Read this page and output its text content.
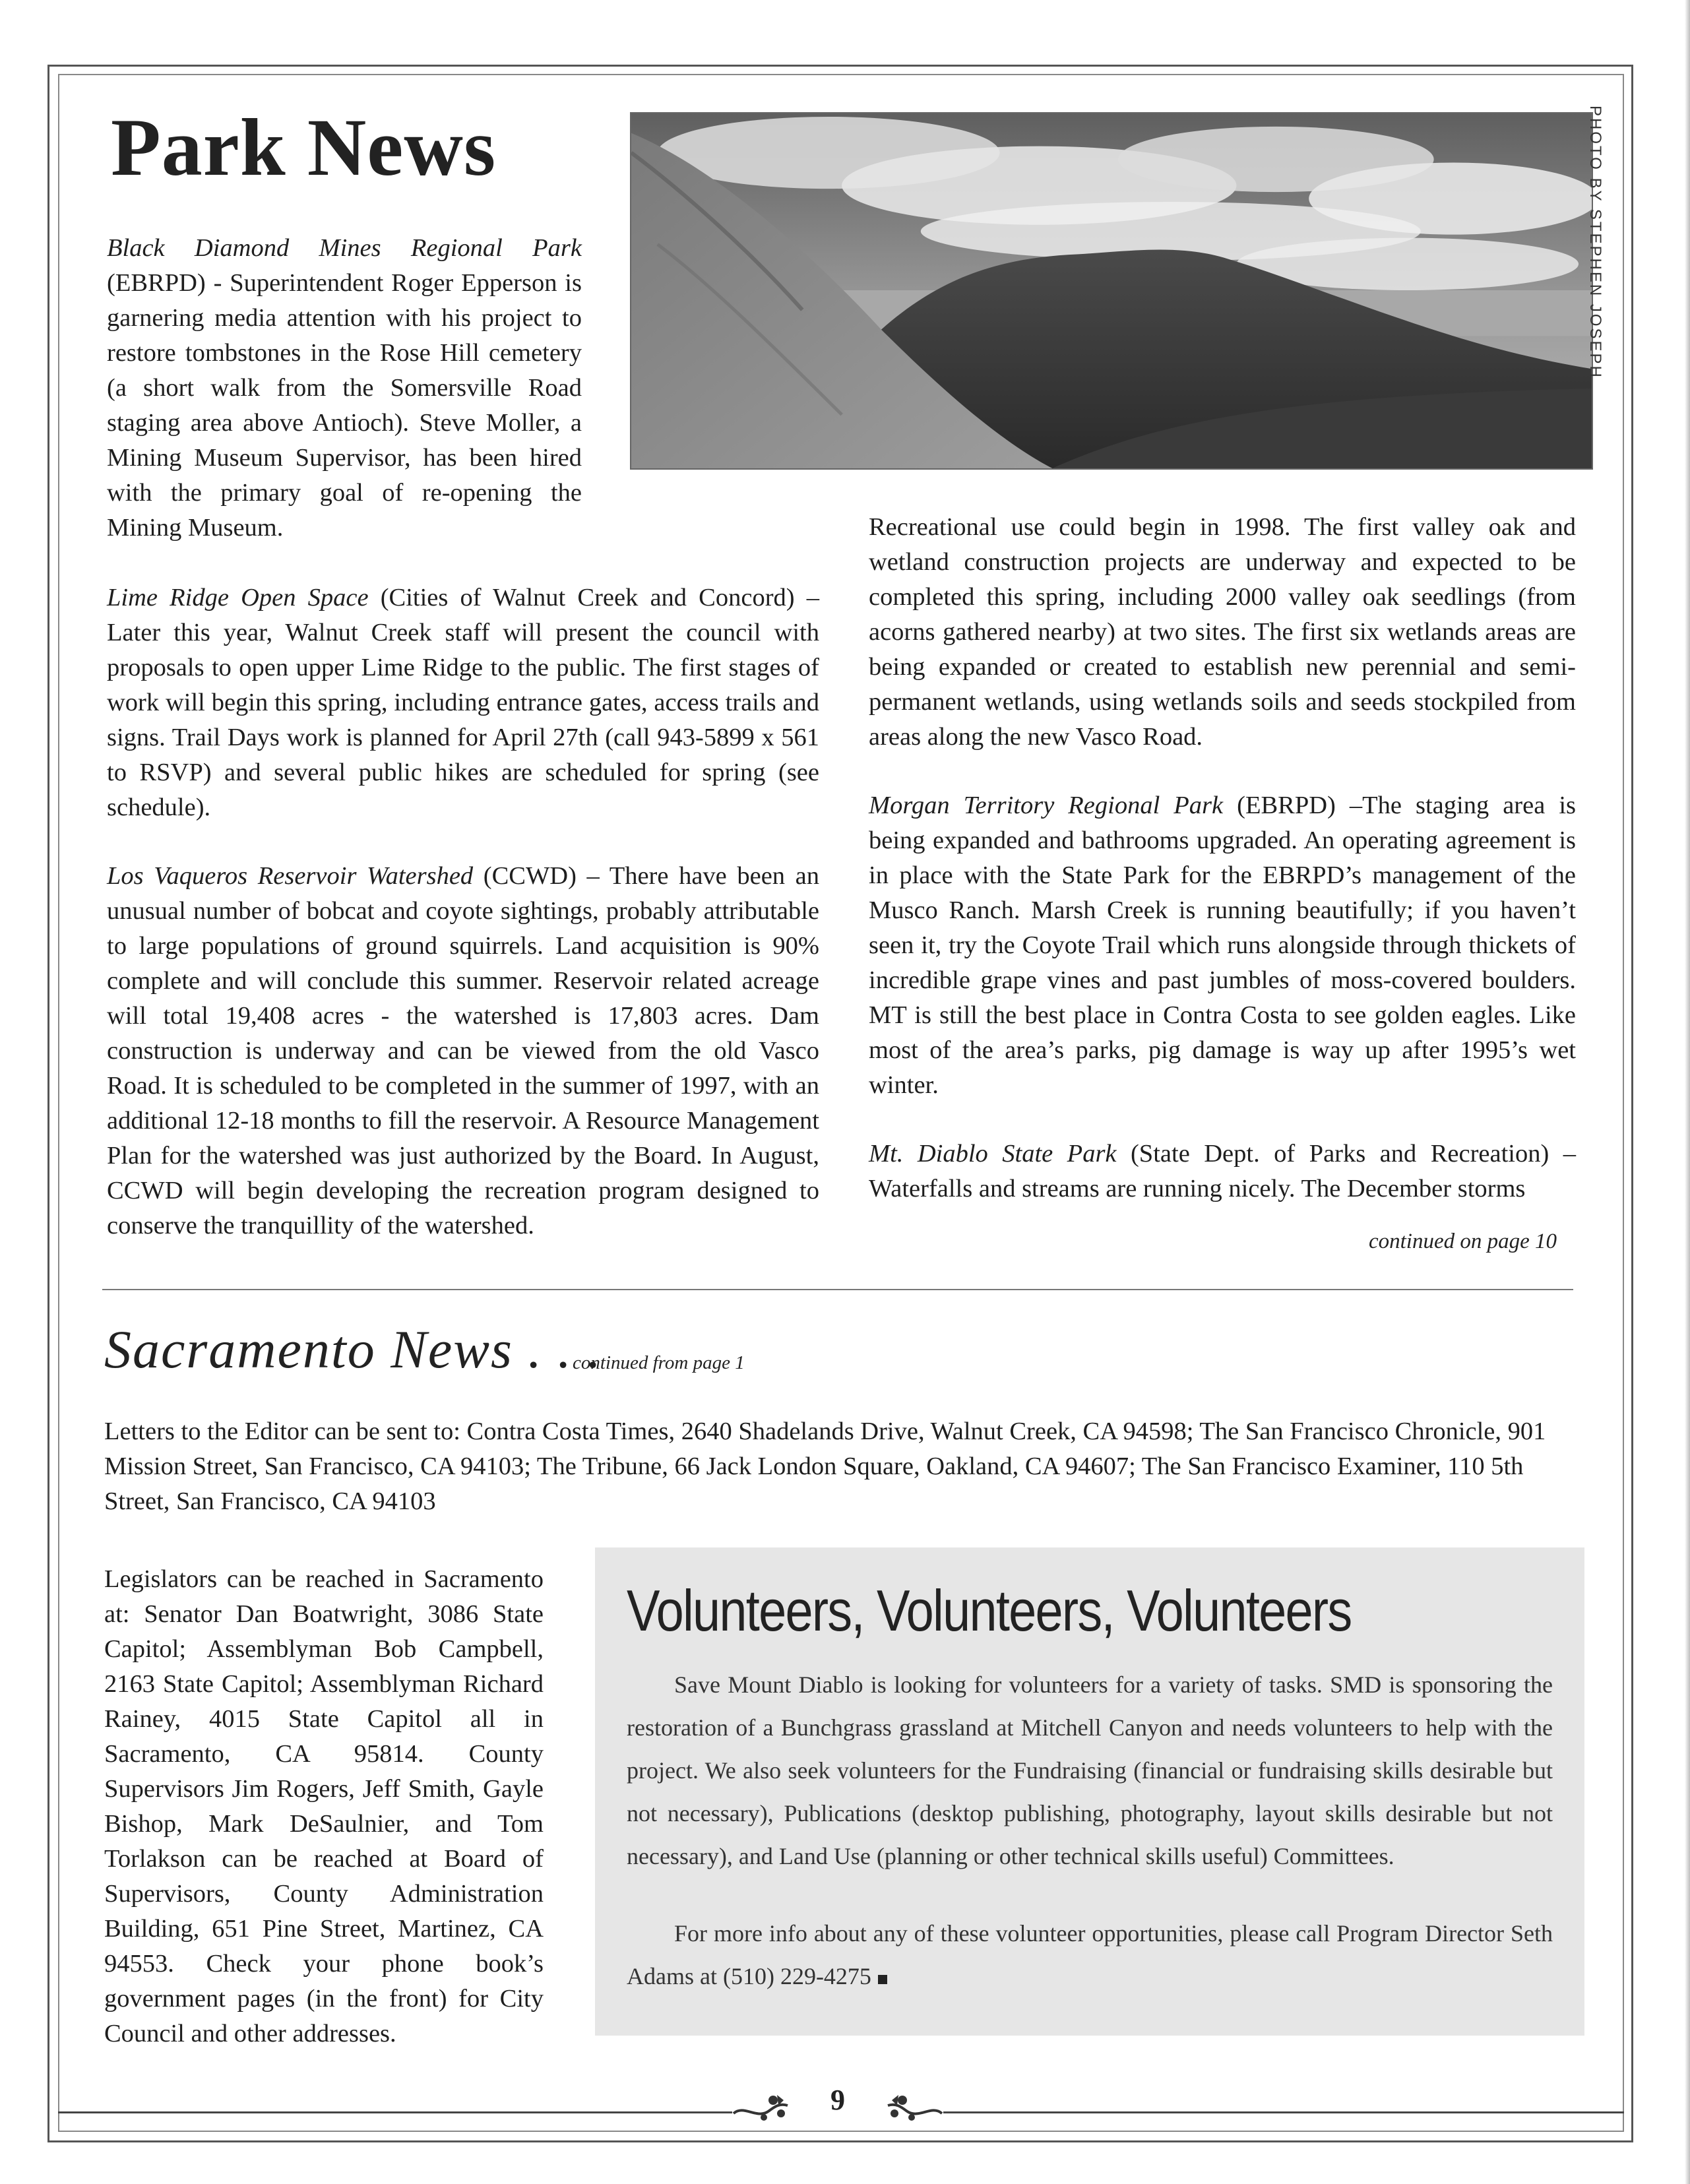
Park News

Black Diamond Mines Regional Park (EBRPD) - Superintendent Roger Epperson is garnering media attention with his project to restore tombstones in the Rose Hill cemetery (a short walk from the Somersville Road staging area above Antioch). Steve Moller, a Mining Museum Supervisor, has been hired with the primary goal of re-opening the Mining Museum.

Lime Ridge Open Space (Cities of Walnut Creek and Concord) – Later this year, Walnut Creek staff will present the council with proposals to open upper Lime Ridge to the public. The first stages of work will begin this spring, including entrance gates, access trails and signs. Trail Days work is planned for April 27th (call 943-5899 x 561 to RSVP) and several public hikes are scheduled for spring (see schedule).

Los Vaqueros Reservoir Watershed (CCWD) – There have been an unusual number of bobcat and coyote sightings, probably attributable to large populations of ground squirrels. Land acquisition is 90% complete and will conclude this summer. Reservoir related acreage will total 19,408 acres - the watershed is 17,803 acres. Dam construction is underway and can be viewed from the old Vasco Road. It is scheduled to be completed in the summer of 1997, with an additional 12-18 months to fill the reservoir. A Resource Management Plan for the watershed was just authorized by the Board. In August, CCWD will begin developing the recreation program designed to conserve the tranquillity of the watershed.

PHOTO BY STEPHEN JOSEPH

Recreational use could begin in 1998. The first valley oak and wetland construction projects are underway and expected to be completed this spring, including 2000 valley oak seedlings (from acorns gathered nearby) at two sites. The first six wetlands areas are being expanded or created to establish new perennial and semi-permanent wetlands, using wetlands soils and seeds stockpiled from areas along the new Vasco Road.

Morgan Territory Regional Park (EBRPD) –The staging area is being expanded and bathrooms upgraded. An operating agreement is in place with the State Park for the EBRPD’s management of the Musco Ranch. Marsh Creek is running beautifully; if you haven’t seen it, try the Coyote Trail which runs alongside through thickets of incredible grape vines and past jumbles of moss-covered boulders. MT is still the best place in Contra Costa to see golden eagles. Like most of the area’s parks, pig damage is way up after 1995’s wet winter.

Mt. Diablo State Park (State Dept. of Parks and Recreation) – Waterfalls and streams are running nicely. The December storms

continued on page 10
Sacramento News . . .
continued from page 1

Letters to the Editor can be sent to: Contra Costa Times, 2640 Shadelands Drive, Walnut Creek, CA 94598; The San Francisco Chronicle, 901 Mission Street, San Francisco, CA 94103; The Tribune, 66 Jack London Square, Oakland, CA 94607; The San Francisco Examiner, 110 5th Street, San Francisco, CA 94103

Legislators can be reached in Sacramento at: Senator Dan Boatwright, 3086 State Capitol; Assemblyman Bob Campbell, 2163 State Capitol; Assemblyman Richard Rainey, 4015 State Capitol all in Sacramento, CA 95814. County Supervisors Jim Rogers, Jeff Smith, Gayle Bishop, Mark DeSaulnier, and Tom Torlakson can be reached at Board of Supervisors, County Administration Building, 651 Pine Street, Martinez, CA 94553. Check your phone book’s government pages (in the front) for City Council and other addresses.

Volunteers, Volunteers, Volunteers

Save Mount Diablo is looking for volunteers for a variety of tasks. SMD is sponsoring the restoration of a Bunchgrass grassland at Mitchell Canyon and needs volunteers to help with the project. We also seek volunteers for the Fundraising (financial or fundraising skills desirable but not necessary), Publications (desktop publishing, photography, layout skills desirable but not necessary), and Land Use (planning or other technical skills useful) Committees.

For more info about any of these volunteer opportunities, please call Program Director Seth Adams at (510) 229-4275

9
